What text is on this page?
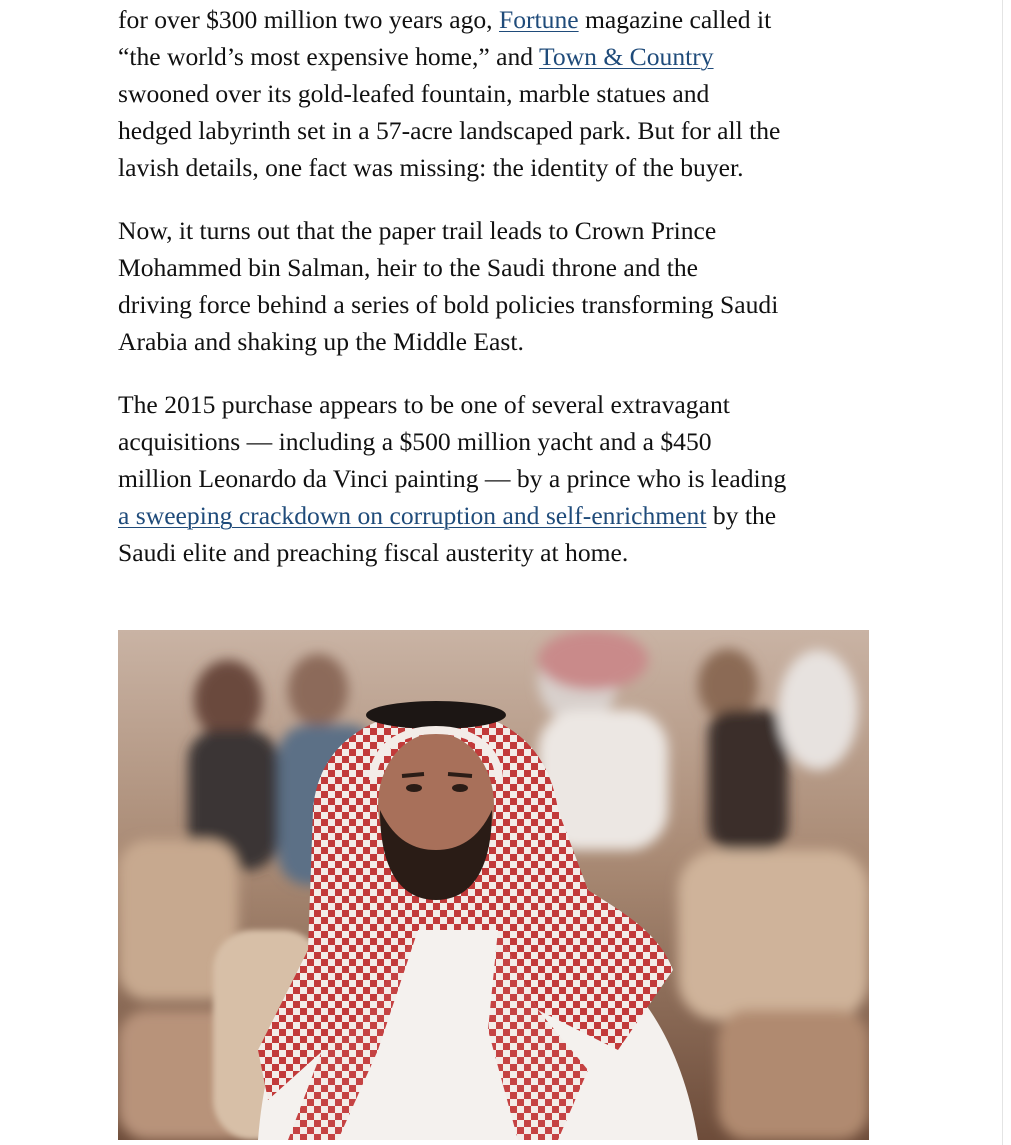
for over $300 million two years ago, Fortune magazine called it
“the world’s most expensive home,” and Town & Country
swooned over its gold-leafed fountain, marble statues and
hedged labyrinth set in a 57-acre landscaped park. But for all the
lavish details, one fact was missing: the identity of the buyer.

Now, it turns out that the paper trail leads to Crown Prince
Mohammed bin Salman, heir to the Saudi throne and the
driving force behind a series of bold policies transforming Saudi
Arabia and shaking up the Middle East.

The 2015 purchase appears to be one of several extravagant
acquisitions — including a $500 million yacht and a $450
million Leonardo da Vinci painting — by a prince who is leading
a sweeping crackdown on corruption and self-enrichment by the
Saudi elite and preaching fiscal austerity at home.
